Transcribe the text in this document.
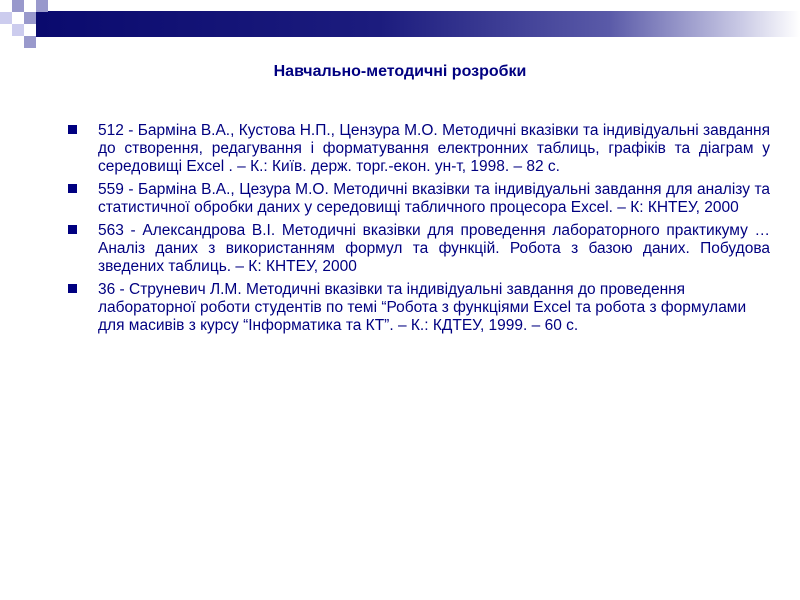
Навчально-методичні розробки
512 - Барміна В.А., Кустова Н.П., Цензура М.О. Методичні вказівки та індивідуальні завдання до створення, редагування і форматування електронних таблиць, графіків та діаграм у середовищі Excel . – К.: Київ. держ. торг.-екон. ун-т, 1998. – 82 с.
559 - Барміна В.А., Цезура М.О. Методичні вказівки та індивідуальні завдання для аналізу та статистичної обробки даних у середовищі табличного процесора Excel. – К: КНТЕУ, 2000
563 - Александрова В.І. Методичні вказівки для проведення лабораторного практикуму … Аналіз даних з використанням формул та функцій. Робота з базою даних. Побудова зведених таблиць. – К: КНТЕУ, 2000
36 - Струневич Л.М. Методичні вказівки та індивідуальні завдання до проведення лабораторної роботи студентів по темі “Робота з функціями Excel та робота з формулами для масивів з курсу “Інформатика та КТ”. – К.: КДТЕУ, 1999. – 60 с.
